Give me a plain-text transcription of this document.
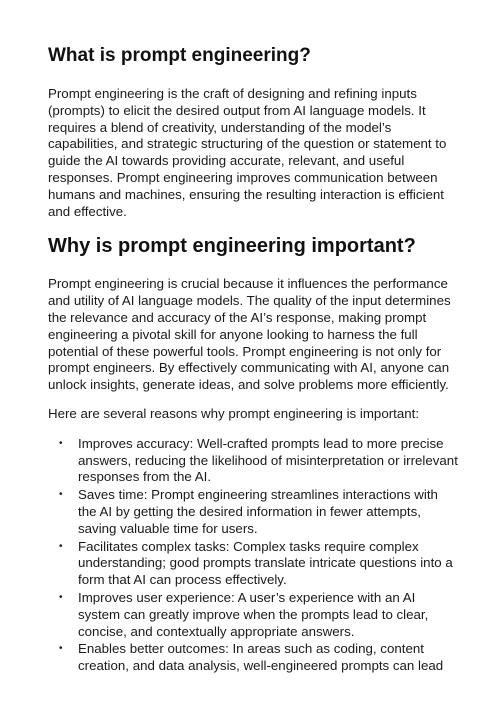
What is prompt engineering?

Prompt engineering is the craft of designing and refining inputs (prompts) to elicit the desired output from AI language models. It requires a blend of creativity, understanding of the model’s capabilities, and strategic structuring of the question or statement to guide the AI towards providing accurate, relevant, and useful responses. Prompt engineering improves communication between humans and machines, ensuring the resulting interaction is efficient and effective.

Why is prompt engineering important?

Prompt engineering is crucial because it influences the performance and utility of AI language models. The quality of the input determines the relevance and accuracy of the AI’s response, making prompt engineering a pivotal skill for anyone looking to harness the full potential of these powerful tools. Prompt engineering is not only for prompt engineers. By effectively communicating with AI, anyone can unlock insights, generate ideas, and solve problems more efficiently.

Here are several reasons why prompt engineering is important:

• Improves accuracy: Well-crafted prompts lead to more precise answers, reducing the likelihood of misinterpretation or irrelevant responses from the AI.
• Saves time: Prompt engineering streamlines interactions with the AI by getting the desired information in fewer attempts, saving valuable time for users.
• Facilitates complex tasks: Complex tasks require complex understanding; good prompts translate intricate questions into a form that AI can process effectively.
• Improves user experience: A user’s experience with an AI system can greatly improve when the prompts lead to clear, concise, and contextually appropriate answers.
• Enables better outcomes: In areas such as coding, content creation, and data analysis, well-engineered prompts can lead
